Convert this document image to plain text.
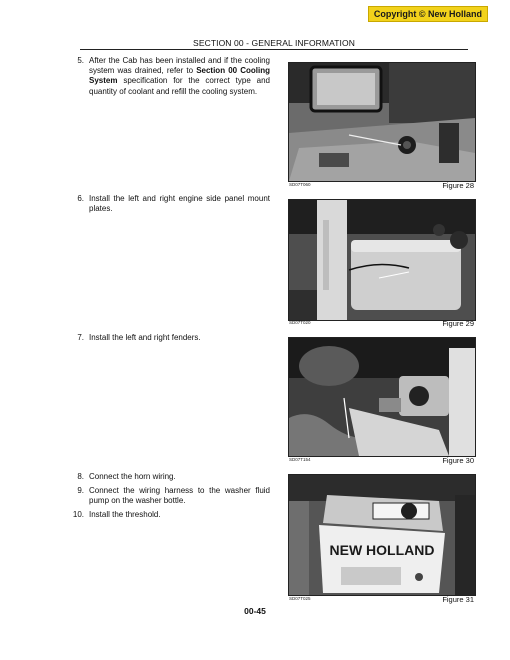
Copyright © New Holland
SECTION 00 - GENERAL INFORMATION
5. After the Cab has been installed and if the cooling system was drained, refer to Section 00 Cooling System specification for the correct type and quantity of coolant and refill the cooling system.
6. Install the left and right engine side panel mount plates.
7. Install the left and right fenders.
8. Connect the horn wiring.
9. Connect the wiring harness to the washer fluid pump on the washer bottle.
10. Install the threshold.
SD07T060	Figure 28
SD07T020	Figure 29
SD07T154	Figure 30
NEW HOLLAND
SD07T025	Figure 31
00-45
